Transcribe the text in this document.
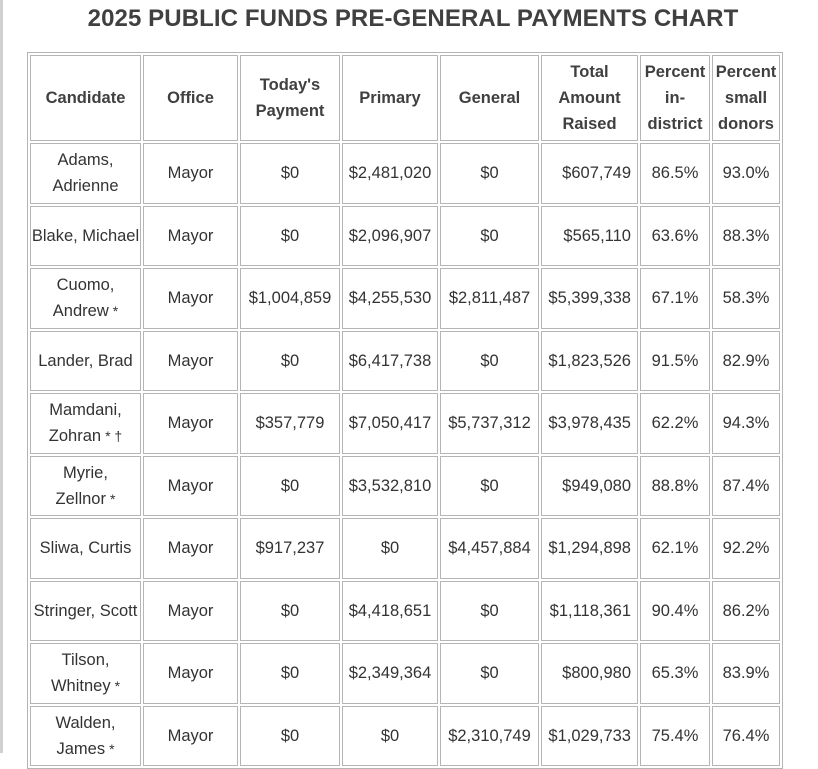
2025 PUBLIC FUNDS PRE-GENERAL PAYMENTS CHART
Candidate	Office	Today's Payment	Primary	General	Total Amount Raised	Percent in-district	Percent small donors
Adams, Adrienne	Mayor	$0	$2,481,020	$0	$607,749	86.5%	93.0%
Blake, Michael	Mayor	$0	$2,096,907	$0	$565,110	63.6%	88.3%
Cuomo, Andrew *	Mayor	$1,004,859	$4,255,530	$2,811,487	$5,399,338	67.1%	58.3%
Lander, Brad	Mayor	$0	$6,417,738	$0	$1,823,526	91.5%	82.9%
Mamdani, Zohran * †	Mayor	$357,779	$7,050,417	$5,737,312	$3,978,435	62.2%	94.3%
Myrie, Zellnor *	Mayor	$0	$3,532,810	$0	$949,080	88.8%	87.4%
Sliwa, Curtis	Mayor	$917,237	$0	$4,457,884	$1,294,898	62.1%	92.2%
Stringer, Scott	Mayor	$0	$4,418,651	$0	$1,118,361	90.4%	86.2%
Tilson, Whitney *	Mayor	$0	$2,349,364	$0	$800,980	65.3%	83.9%
Walden, James *	Mayor	$0	$0	$2,310,749	$1,029,733	75.4%	76.4%
